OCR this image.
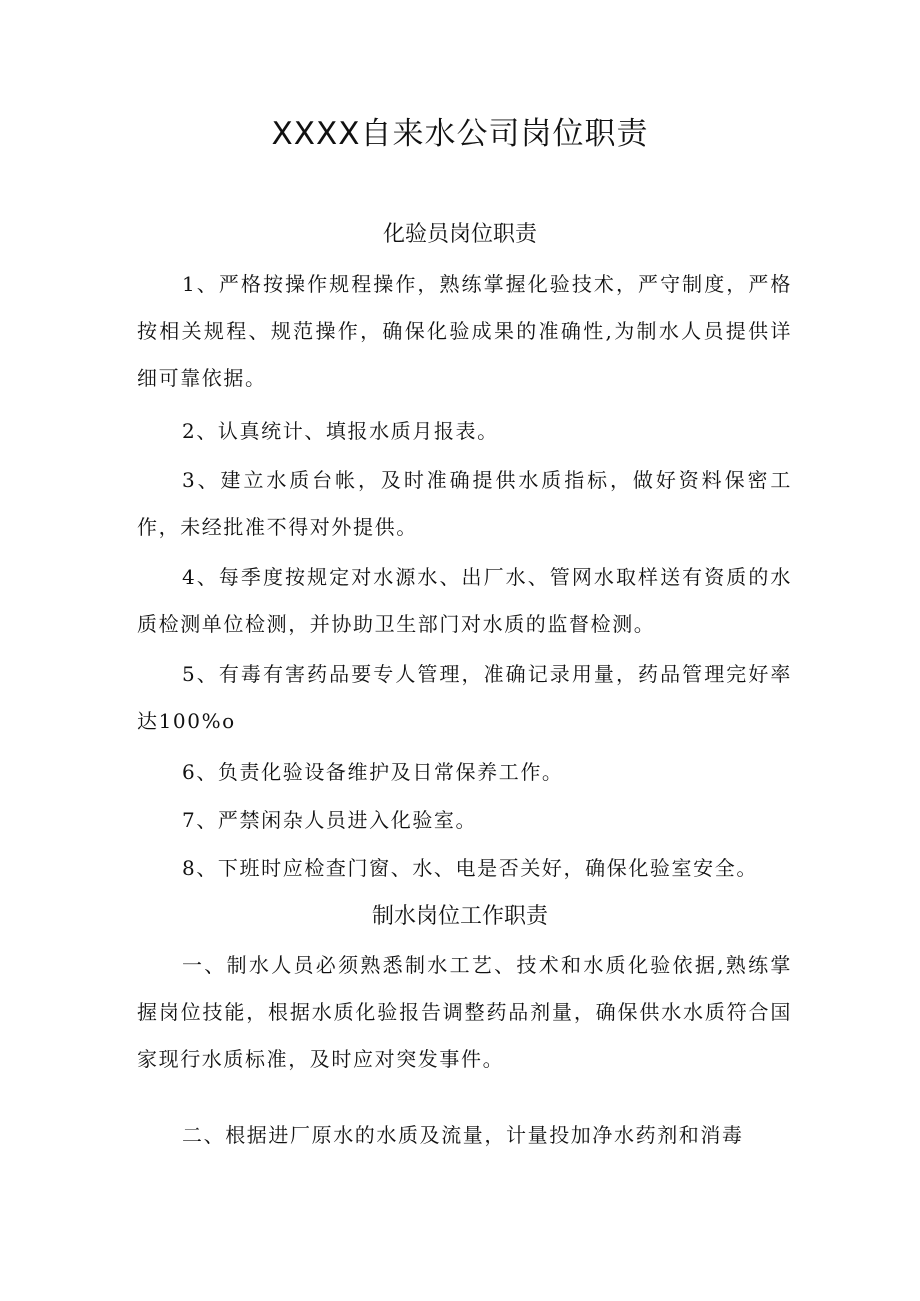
XXXX自来水公司岗位职责
化验员岗位职责

1、严格按操作规程操作，熟练掌握化验技术，严守制度，严格按相关规程、规范操作，确保化验成果的准确性,为制水人员提供详细可靠依据。

2、认真统计、填报水质月报表。

3、建立水质台帐，及时准确提供水质指标，做好资料保密工作，未经批准不得对外提供。

4、每季度按规定对水源水、出厂水、管网水取样送有资质的水质检测单位检测，并协助卫生部门对水质的监督检测。

5、有毒有害药品要专人管理，准确记录用量，药品管理完好率达100%o

6、负责化验设备维护及日常保养工作。

7、严禁闲杂人员进入化验室。

8、下班时应检查门窗、水、电是否关好，确保化验室安全。

制水岗位工作职责

一、制水人员必须熟悉制水工艺、技术和水质化验依据,熟练掌握岗位技能，根据水质化验报告调整药品剂量，确保供水水质符合国家现行水质标准，及时应对突发事件。

二、根据进厂原水的水质及流量，计量投加净水药剂和消毒
